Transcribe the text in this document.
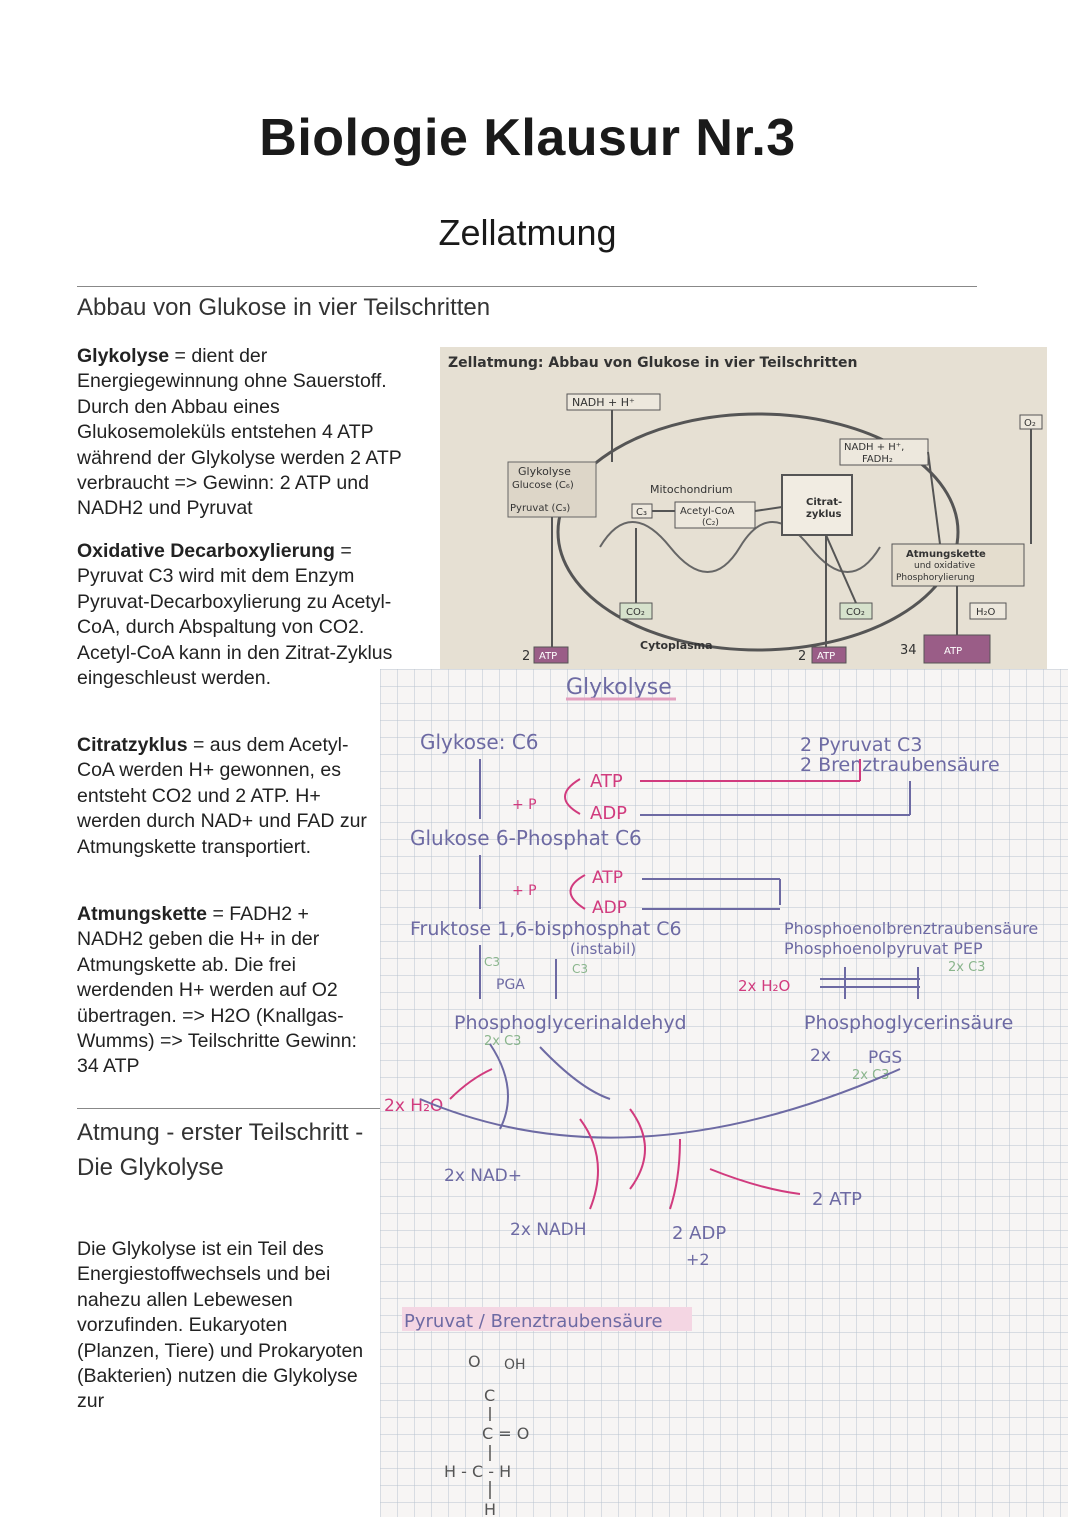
Biologie Klausur Nr.3
Zellatmung
Abbau von Glukose in vier Teilschritten
Glykolyse = dient der Energiegewinnung ohne Sauerstoff. Durch den Abbau eines Glukosemoleküls entstehen 4 ATP während der Glykolyse werden 2 ATP verbraucht => Gewinn: 2 ATP und NADH2 und Pyruvat
Oxidative Decarboxylierung = Pyruvat C3 wird mit dem Enzym Pyruvat-Decarboxylierung zu Acetyl-CoA, durch Abspaltung von CO2. Acetyl-CoA kann in den Zitrat-Zyklus eingeschleust werden.
Citratzyklus = aus dem Acetyl-CoA werden H+ gewonnen, es entsteht CO2 und 2 ATP. H+ werden durch NAD+ und FAD zur Atmungskette transportiert.
Atmungskette = FADH2 + NADH2 geben die H+ in der Atmungskette ab. Die frei werdenden H+ werden auf O2 übertragen. => H2O (Knallgas-Wumms) => Teilschritte Gewinn: 34 ATP
Atmung - erster Teilschritt - Die Glykolyse
Die Glykolyse ist ein Teil des Energiestoffwechsels und bei nahezu allen Lebewesen vorzufinden. Eukaryoten (Planzen, Tiere) und Prokaryoten (Bakterien) nutzen die Glykolyse zur
Zellatmung: Abbau von Glukose in vier Teilschritten
NADH + H⁺
Glykolyse
Glucose (C₆)
Pyruvat (C₃)
Mitochondrium
C₃	Acetyl-CoA
(C₂)
Citrat-
zyklus
NADH + H⁺,
FADH₂
O₂
Atmungskette
und oxidative
Phosphorylierung
CO₂	CO₂	H₂O
Cytoplasma
2 ATP	2 ATP	34	ATP
Glykolyse
Glykose: C6	2 Pyruvat C3
2 Brenztraubensäure
+ P
ATP
ADP
Glukose 6-Phosphat C6
+ P
ATP
ADP
Fruktose 1,6-bisphosphat C6
(instabil)
C3	C3
PGA
Phosphoglycerinaldehyd
2x C3
Phosphoenolbrenztraubensäure
Phosphoenolpyruvat PEP
2x C3
2x H₂O
Phosphoglycerinsäure
2x PGS
2x C3
2x H₂O
2x NAD+
2x NADH	2 ADP
+2
2 ATP
Pyruvat / Brenztraubensäure
O OH
C
C = O
H - C - H
H
